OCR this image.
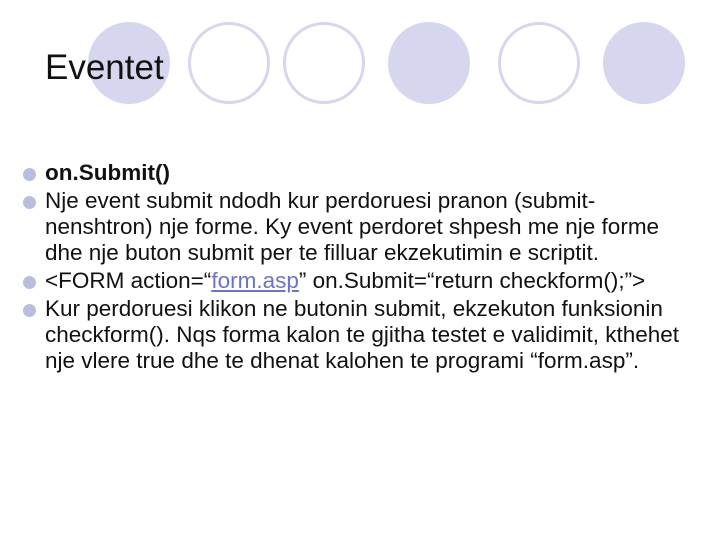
Eventet
on.Submit()
Nje event submit ndodh kur perdoruesi pranon (submit-nenshtron) nje forme. Ky event perdoret shpesh me nje forme dhe nje buton submit per te filluar ekzekutimin e scriptit.
<FORM action=“form.asp” on.Submit=“return checkform();”>
Kur perdoruesi klikon ne butonin submit, ekzekuton funksionin checkform(). Nqs forma kalon te gjitha testet e validimit, kthehet nje vlere true dhe te dhenat kalohen te programi “form.asp”.
